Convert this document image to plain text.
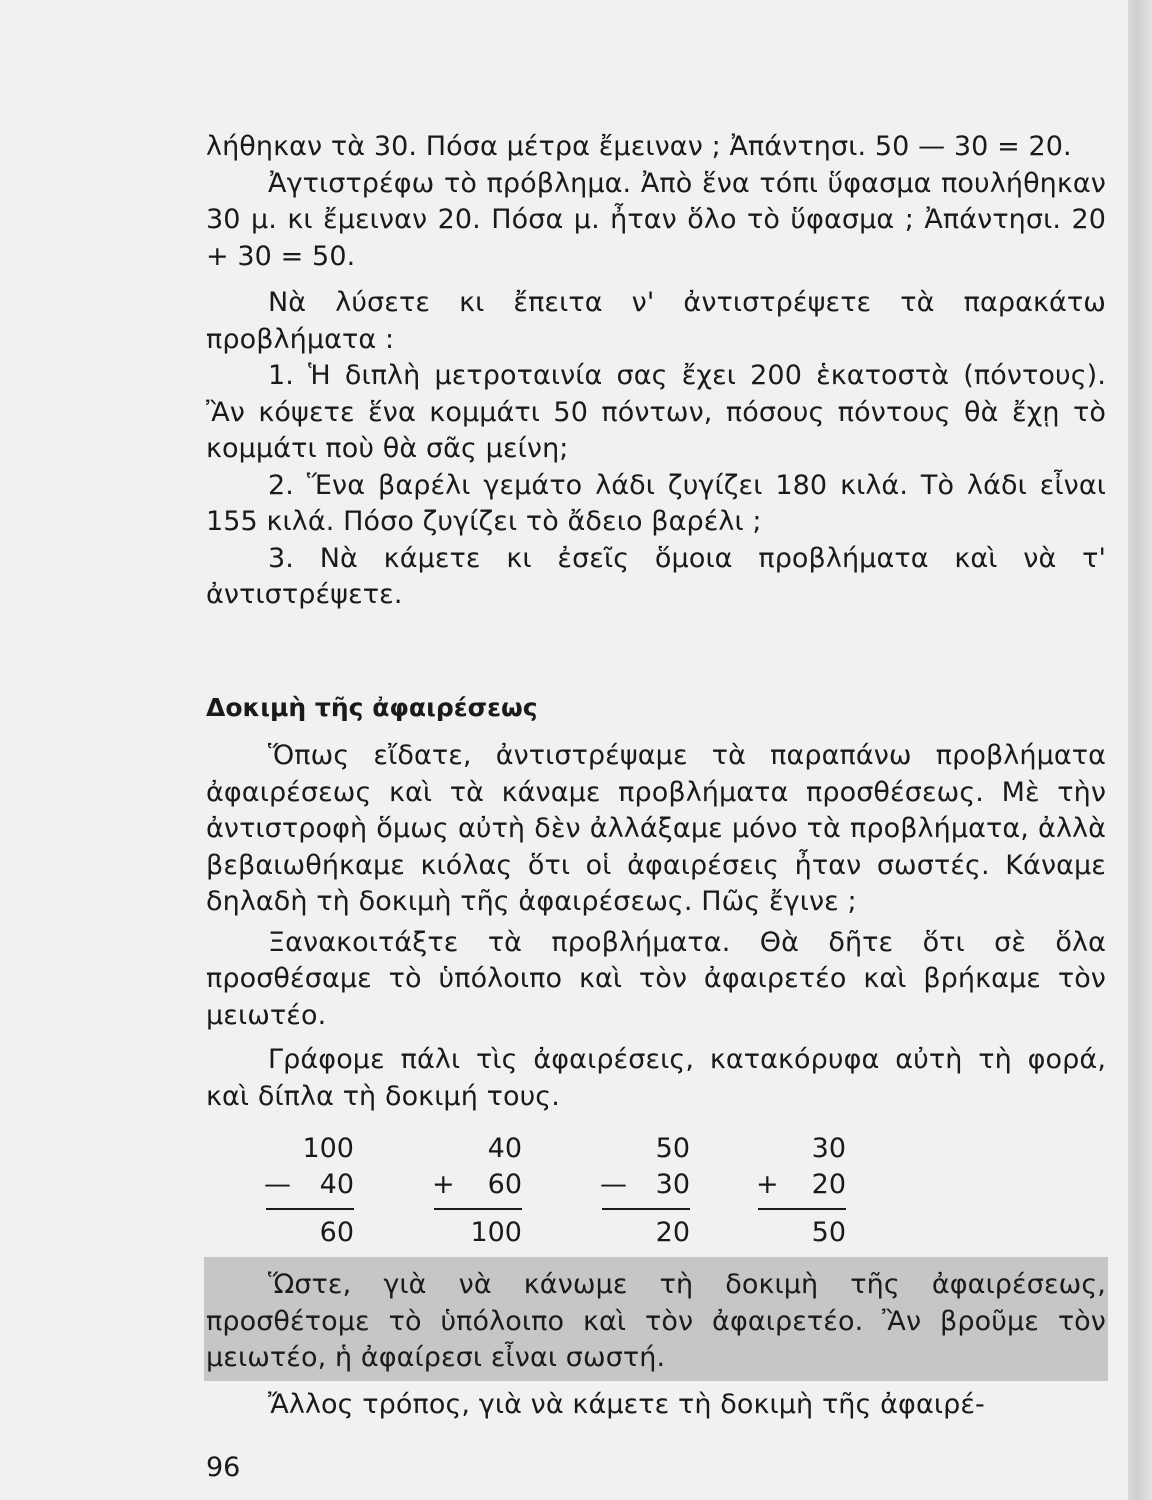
λήθηκαν τὰ 30. Πόσα μέτρα ἔμειναν ; Ἀπάντησι. 50 — 30 = 20.

Ἀγτιστρέφω τὸ πρόβλημα. Ἀπὸ ἕνα τόπι ὕφασμα πουλήθηκαν 30 μ. κι ἔμειναν 20. Πόσα μ. ἦταν ὅλο τὸ ὕφασμα ; Ἀπάντησι. 20 + 30 = 50.

Νὰ λύσετε κι ἔπειτα ν' ἀντιστρέψετε τὰ παρακάτω προβλήματα :

1. Ἡ διπλὴ μετροταινία σας ἔχει 200 ἑκατοστὰ (πόντους). Ἂν κόψετε ἕνα κομμάτι 50 πόντων, πόσους πόντους θὰ ἔχῃ τὸ κομμάτι ποὺ θὰ σᾶς μείνη;

2. Ἕνα βαρέλι γεμάτο λάδι ζυγίζει 180 κιλά. Τὸ λάδι εἶναι 155 κιλά. Πόσο ζυγίζει τὸ ἄδειο βαρέλι ;

3. Νὰ κάμετε κι ἐσεῖς ὅμοια προβλήματα καὶ νὰ τ' ἀντιστρέψετε.

Δοκιμὴ τῆς ἀφαιρέσεως

Ὅπως εἴδατε, ἀντιστρέψαμε τὰ παραπάνω προβλήματα ἀφαιρέσεως καὶ τὰ κάναμε προβλήματα προσθέσεως. Μὲ τὴν ἀντιστροφὴ ὅμως αὐτὴ δὲν ἀλλάξαμε μόνο τὰ προβλήματα, ἀλλὰ βεβαιωθήκαμε κιόλας ὅτι οἱ ἀφαιρέσεις ἦταν σωστές. Κάναμε δηλαδὴ τὴ δοκιμὴ τῆς ἀφαιρέσεως. Πῶς ἔγινε ;

Ξανακοιτάξτε τὰ προβλήματα. Θὰ δῆτε ὅτι σὲ ὅλα προσθέσαμε τὸ ὑπόλοιπο καὶ τὸν ἀφαιρετέο καὶ βρήκαμε τὸν μειωτέο.

Γράφομε πάλι τὶς ἀφαιρέσεις, κατακόρυφα αὐτὴ τὴ φορά, καὶ δίπλα τὴ δοκιμή τους.

100
— 40
60
40
+ 60
100
50
— 30
20
30
+ 20
50

Ὥστε, γιὰ νὰ κάνωμε τὴ δοκιμὴ τῆς ἀφαιρέσεως, προσθέτομε τὸ ὑπόλοιπο καὶ τὸν ἀφαιρετέο. Ἂν βροῦμε τὸν μειωτέο, ἡ ἀφαίρεσι εἶναι σωστή.

Ἄλλος τρόπος, γιὰ νὰ κάμετε τὴ δοκιμὴ τῆς ἀφαιρέ-

96
